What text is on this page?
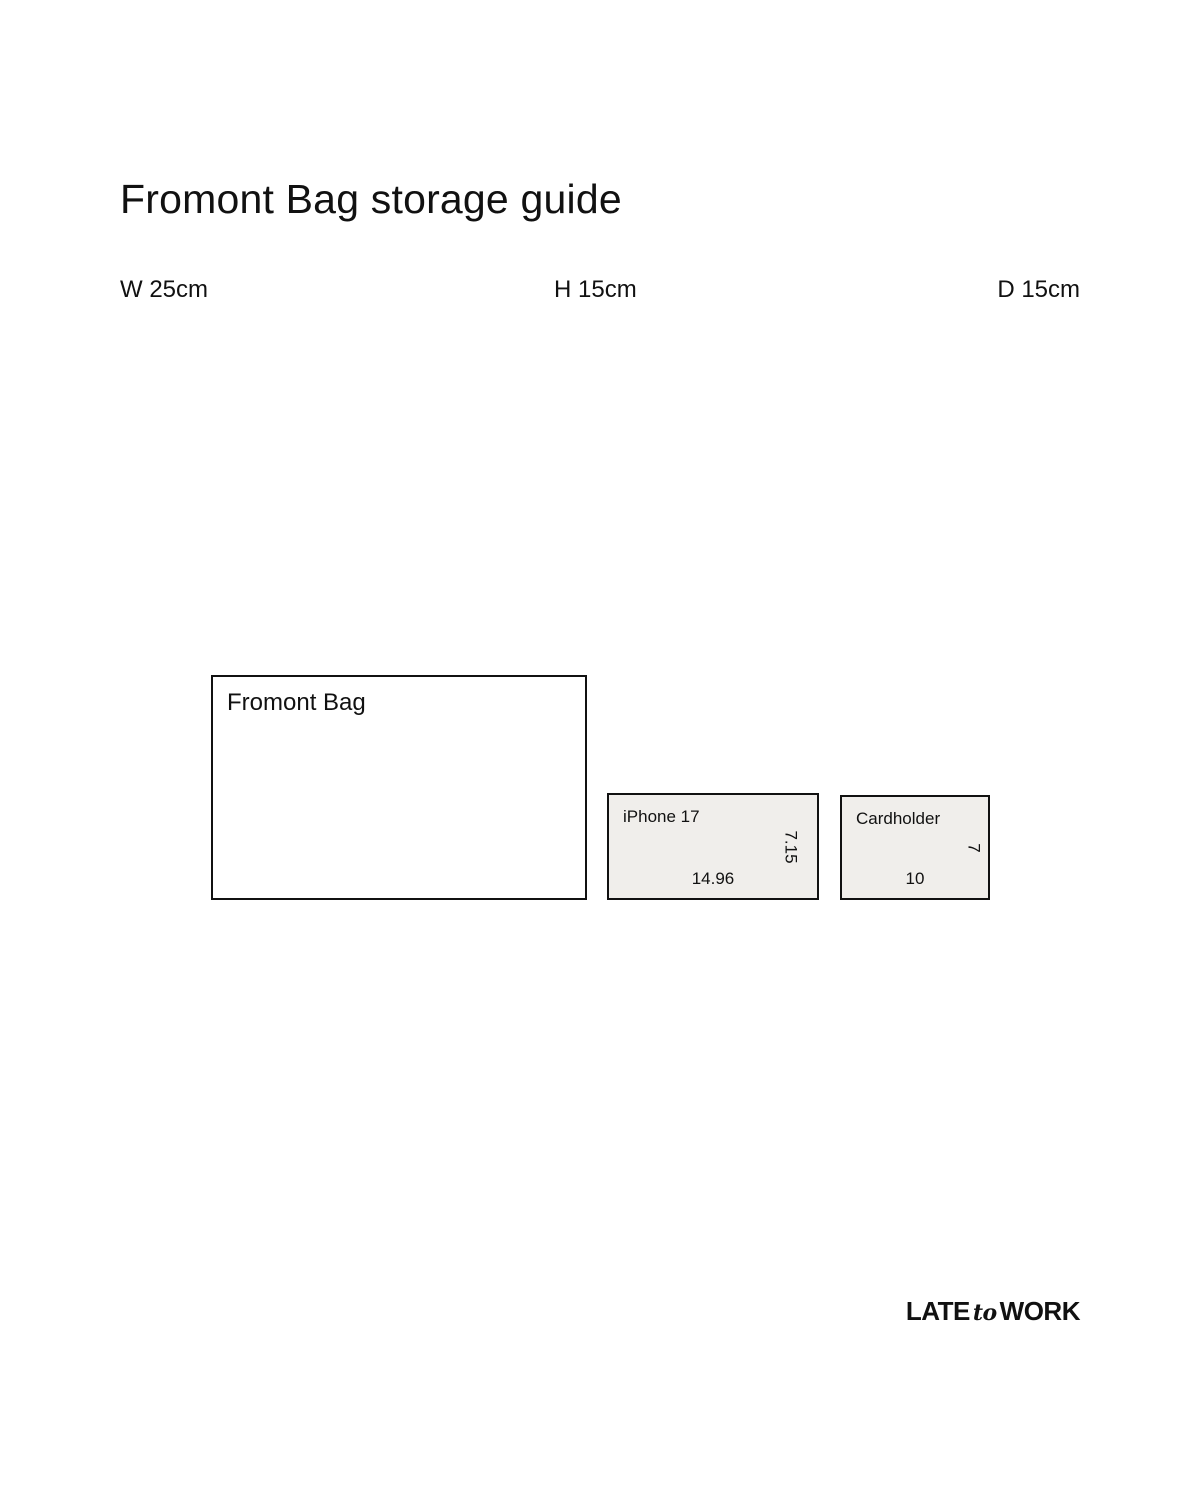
Fromont Bag storage guide
W 25cm	H 15cm	D 15cm
Fromont Bag
iPhone 17
7.15
14.96
Cardholder
7
10
LATE to WORK
